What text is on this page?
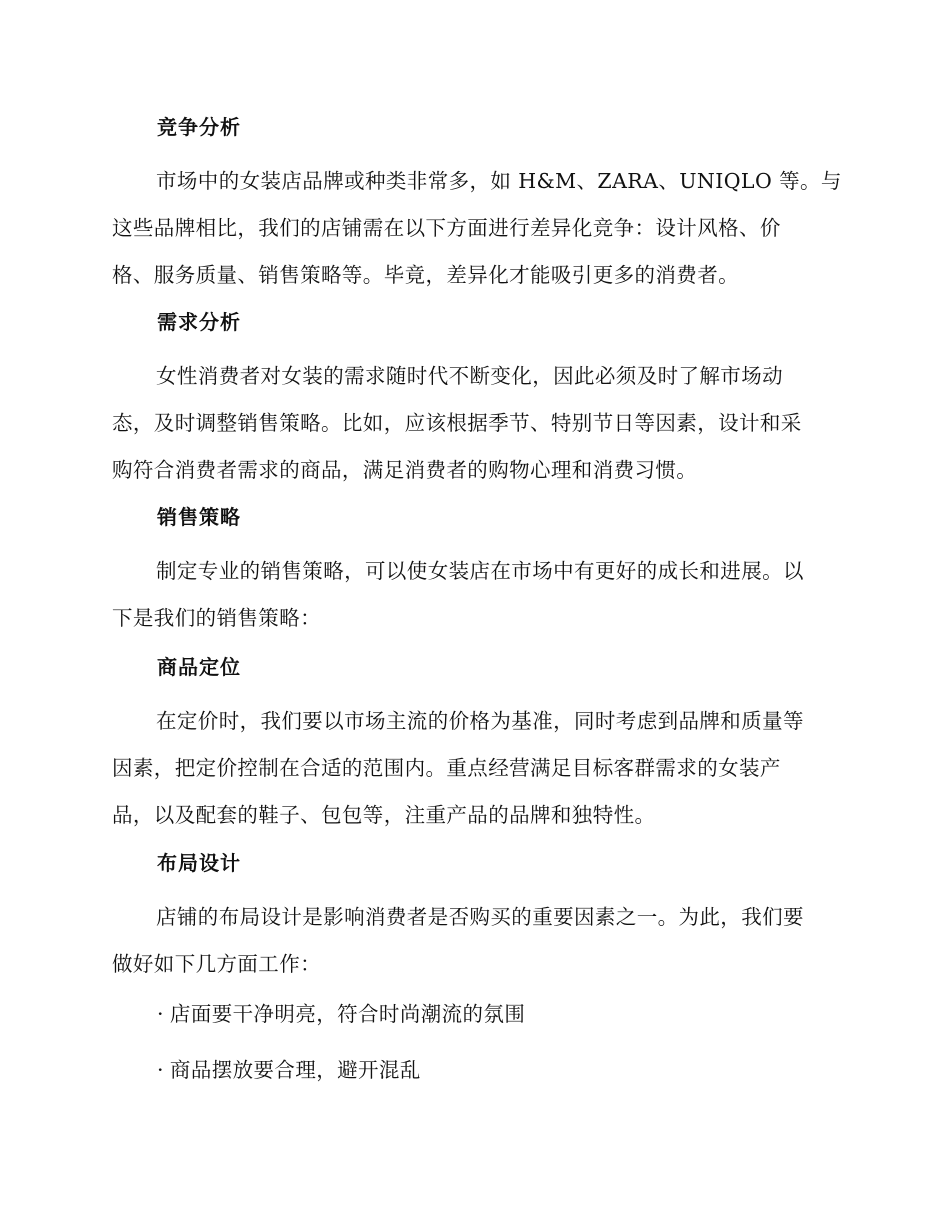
竞争分析
市场中的女装店品牌或种类非常多，如 H&M、ZARA、UNIQLO 等。与
这些品牌相比，我们的店铺需在以下方面进行差异化竞争：设计风格、价
格、服务质量、销售策略等。毕竟，差异化才能吸引更多的消费者。
需求分析
女性消费者对女装的需求随时代不断变化，因此必须及时了解市场动
态，及时调整销售策略。比如，应该根据季节、特别节日等因素，设计和采
购符合消费者需求的商品，满足消费者的购物心理和消费习惯。
销售策略
制定专业的销售策略，可以使女装店在市场中有更好的成长和进展。以
下是我们的销售策略：
商品定位
在定价时，我们要以市场主流的价格为基准，同时考虑到品牌和质量等
因素，把定价控制在合适的范围内。重点经营满足目标客群需求的女装产
品，以及配套的鞋子、包包等，注重产品的品牌和独特性。
布局设计
店铺的布局设计是影响消费者是否购买的重要因素之一。为此，我们要
做好如下几方面工作：
· 店面要干净明亮，符合时尚潮流的氛围
· 商品摆放要合理，避开混乱
